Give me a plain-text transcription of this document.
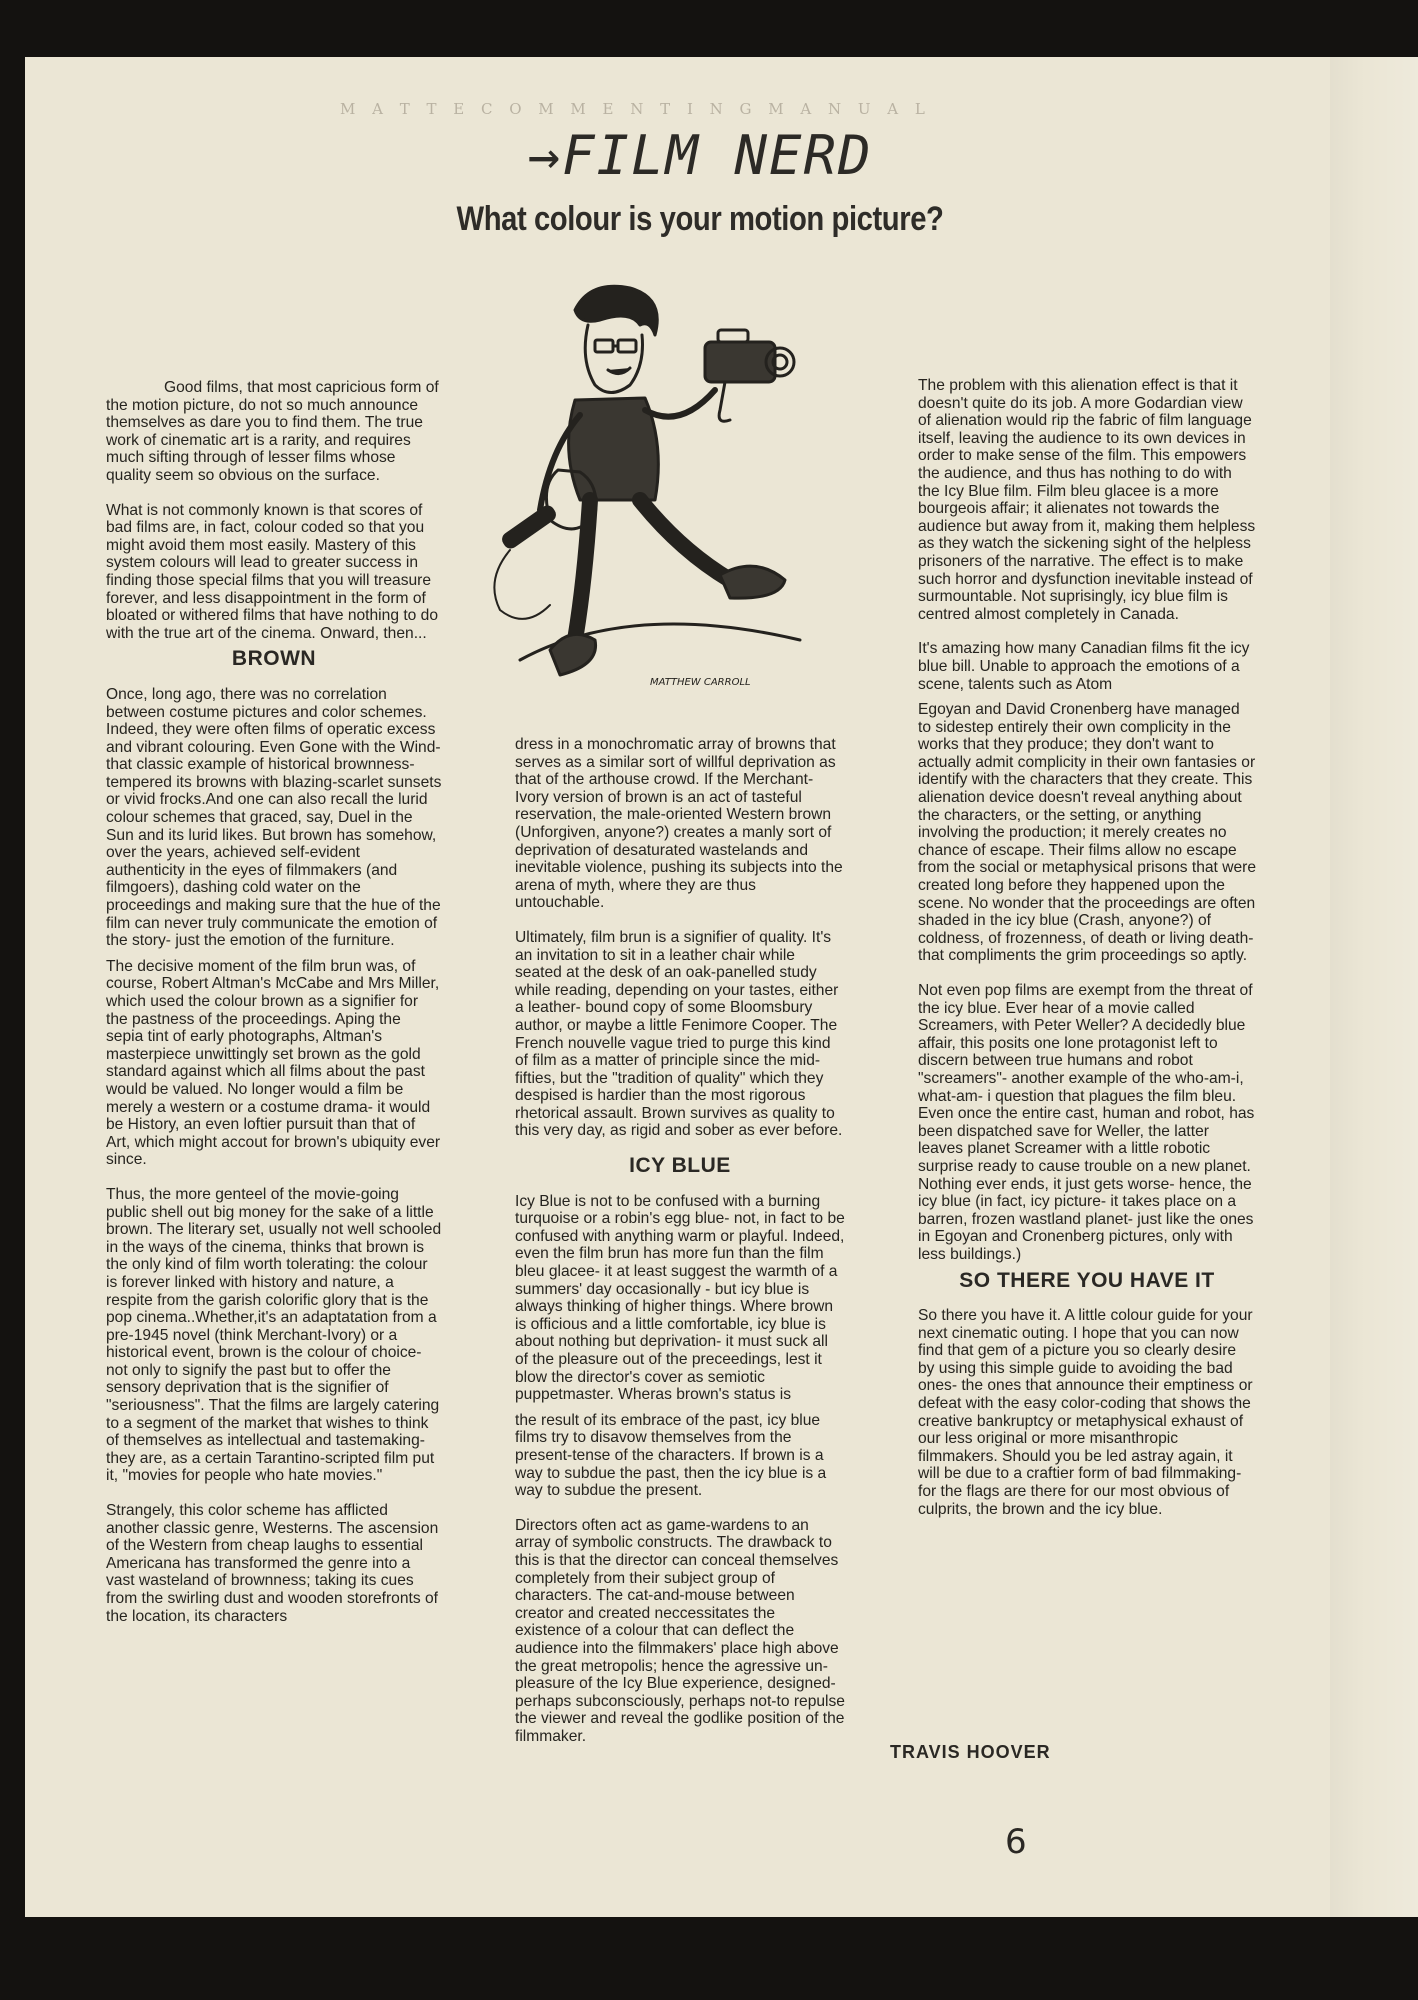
M A T T E C O M M E N T I N G M A N U A L
→FILM NERD
What colour is your motion picture?
MATTHEW CARROLL

Good films, that most capricious form of the motion picture, do not so much announce themselves as dare you to find them. The true work of cinematic art is a rarity, and requires much sifting through of lesser films whose quality seem so obvious on the surface.

What is not commonly known is that scores of bad films are, in fact, colour coded so that you might avoid them most easily. Mastery of this system colours will lead to greater success in finding those special films that you will treasure forever, and less disappointment in the form of bloated or withered films that have nothing to do with the true art of the cinema. Onward, then...

BROWN

Once, long ago, there was no correlation between costume pictures and color schemes. Indeed, they were often films of operatic excess and vibrant colouring. Even Gone with the Wind- that classic example of historical brownness- tempered its browns with blazing-scarlet sunsets or vivid frocks.And one can also recall the lurid colour schemes that graced, say, Duel in the Sun and its lurid likes. But brown has somehow, over the years, achieved self-evident authenticity in the eyes of filmmakers (and filmgoers), dashing cold water on the proceedings and making sure that the hue of the film can never truly communicate the emotion of the story- just the emotion of the furniture.

The decisive moment of the film brun was, of course, Robert Altman's McCabe and Mrs Miller, which used the colour brown as a signifier for the pastness of the proceedings. Aping the sepia tint of early photographs, Altman's masterpiece unwittingly set brown as the gold standard against which all films about the past would be valued. No longer would a film be merely a western or a costume drama- it would be History, an even loftier pursuit than that of Art, which might accout for brown's ubiquity ever since.

Thus, the more genteel of the movie-going public shell out big money for the sake of a little brown. The literary set, usually not well schooled in the ways of the cinema, thinks that brown is the only kind of film worth tolerating: the colour is forever linked with history and nature, a respite from the garish colorific glory that is the pop cinema..Whether,it's an adaptatation from a pre-1945 novel (think Merchant-Ivory) or a historical event, brown is the colour of choice- not only to signify the past but to offer the sensory deprivation that is the signifier of "seriousness". That the films are largely catering to a segment of the market that wishes to think of themselves as intellectual and tastemaking- they are, as a certain Tarantino-scripted film put it, "movies for people who hate movies."

Strangely, this color scheme has afflicted another classic genre, Westerns. The ascension of the Western from cheap laughs to essential Americana has transformed the genre into a vast wasteland of brownness; taking its cues from the swirling dust and wooden storefronts of the location, its characters

dress in a monochromatic array of browns that serves as a similar sort of willful deprivation as that of the arthouse crowd. If the Merchant-Ivory version of brown is an act of tasteful reservation, the male-oriented Western brown (Unforgiven, anyone?) creates a manly sort of deprivation of desaturated wastelands and inevitable violence, pushing its subjects into the arena of myth, where they are thus untouchable.

Ultimately, film brun is a signifier of quality. It's an invitation to sit in a leather chair while seated at the desk of an oak-panelled study while reading, depending on your tastes, either a leather- bound copy of some Bloomsbury author, or maybe a little Fenimore Cooper. The French nouvelle vague tried to purge this kind of film as a matter of principle since the mid-fifties, but the "tradition of quality" which they despised is hardier than the most rigorous rhetorical assault. Brown survives as quality to this very day, as rigid and sober as ever before.

ICY BLUE

Icy Blue is not to be confused with a burning turquoise or a robin's egg blue- not, in fact to be confused with anything warm or playful. Indeed, even the film brun has more fun than the film bleu glacee- it at least suggest the warmth of a summers' day occasionally - but icy blue is always thinking of higher things. Where brown is officious and a little comfortable, icy blue is about nothing but deprivation- it must suck all of the pleasure out of the preceedings, lest it blow the director's cover as semiotic puppetmaster. Wheras brown's status is

the result of its embrace of the past, icy blue films try to disavow themselves from the present-tense of the characters. If brown is a way to subdue the past, then the icy blue is a way to subdue the present.

Directors often act as game-wardens to an array of symbolic constructs. The drawback to this is that the director can conceal themselves completely from their subject group of characters. The cat-and-mouse between creator and created neccessitates the existence of a colour that can deflect the audience into the filmmakers' place high above the great metropolis; hence the agressive un-pleasure of the Icy Blue experience, designed- perhaps subconsciously, perhaps not-to repulse the viewer and reveal the godlike position of the filmmaker.

The problem with this alienation effect is that it doesn't quite do its job. A more Godardian view of alienation would rip the fabric of film language itself, leaving the audience to its own devices in order to make sense of the film. This empowers the audience, and thus has nothing to do with the Icy Blue film. Film bleu glacee is a more bourgeois affair; it alienates not towards the audience but away from it, making them helpless as they watch the sickening sight of the helpless prisoners of the narrative. The effect is to make such horror and dysfunction inevitable instead of surmountable. Not suprisingly, icy blue film is centred almost completely in Canada.

It's amazing how many Canadian films fit the icy blue bill. Unable to approach the emotions of a scene, talents such as Atom

Egoyan and David Cronenberg have managed to sidestep entirely their own complicity in the works that they produce; they don't want to actually admit complicity in their own fantasies or identify with the characters that they create. This alienation device doesn't reveal anything about the characters, or the setting, or anything involving the production; it merely creates no chance of escape. Their films allow no escape from the social or metaphysical prisons that were created long before they happened upon the scene. No wonder that the proceedings are often shaded in the icy blue (Crash, anyone?) of coldness, of frozenness, of death or living death- that compliments the grim proceedings so aptly.

Not even pop films are exempt from the threat of the icy blue. Ever hear of a movie called Screamers, with Peter Weller? A decidedly blue affair, this posits one lone protagonist left to discern between true humans and robot "screamers"- another example of the who-am-i, what-am- i question that plagues the film bleu. Even once the entire cast, human and robot, has been dispatched save for Weller, the latter leaves planet Screamer with a little robotic surprise ready to cause trouble on a new planet. Nothing ever ends, it just gets worse- hence, the icy blue (in fact, icy picture- it takes place on a barren, frozen wastland planet- just like the ones in Egoyan and Cronenberg pictures, only with less buildings.)

SO THERE YOU HAVE IT

So there you have it. A little colour guide for your next cinematic outing. I hope that you can now find that gem of a picture you so clearly desire by using this simple guide to avoiding the bad ones- the ones that announce their emptiness or defeat with the easy color-coding that shows the creative bankruptcy or metaphysical exhaust of our less original or more misanthropic filmmakers. Should you be led astray again, it will be due to a craftier form of bad filmmaking- for the flags are there for our most obvious of culprits, the brown and the icy blue.

TRAVIS HOOVER
6
